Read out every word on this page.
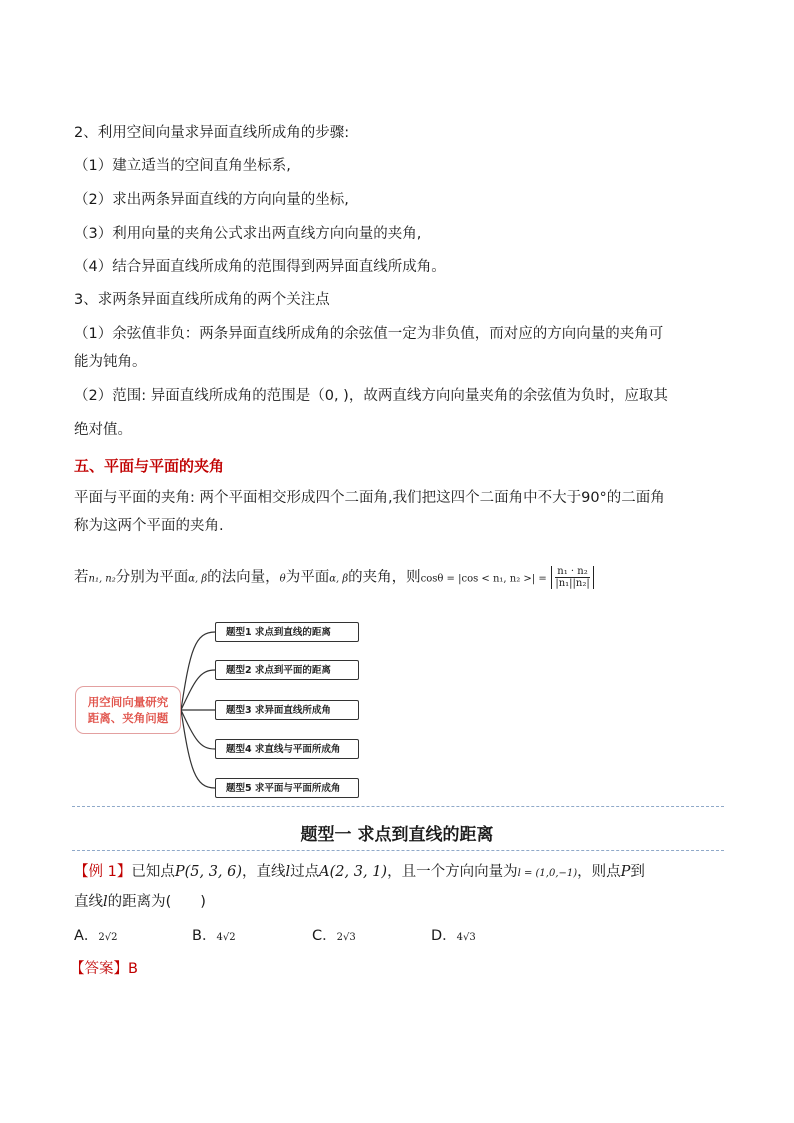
2、利用空间向量求异面直线所成角的步骤:
（1）建立适当的空间直角坐标系,
（2）求出两条异面直线的方向向量的坐标,
（3）利用向量的夹角公式求出两直线方向向量的夹角,
（4）结合异面直线所成角的范围得到两异面直线所成角。
3、求两条异面直线所成角的两个关注点
（1）余弦值非负：两条异面直线所成角的余弦值一定为非负值，而对应的方向向量的夹角可
能为钝角。
（2）范围: 异面直线所成角的范围是（0, )，故两直线方向向量夹角的余弦值为负时，应取其
绝对值。
五、平面与平面的夹角
平面与平面的夹角: 两个平面相交形成四个二面角,我们把这四个二面角中不大于90°的二面角
称为这两个平面的夹角.
若n₁, n₂分别为平面α, β的法向量，θ为平面α, β的夹角，则cosθ = |cos < n₁, n₂ >| = $\frac{\text{n₁ · n₂}}{\text{|n₁||n₂|}}$
用空间向量研究
距离、夹角问题
题型1 求点到直线的距离
题型2 求点到平面的距离
题型3 求异面直线所成角
题型4 求直线与平面所成角
题型5 求平面与平面所成角
题型一 求点到直线的距离
【例 1】已知点P(5, 3, 6)，直线l过点A(2, 3, 1)，且一个方向向量为l = (1,0,−1)，则点P到
直线l的距离为(　　)
A．2√2	B．4√2	C．2√3	D．4√3
【答案】B
